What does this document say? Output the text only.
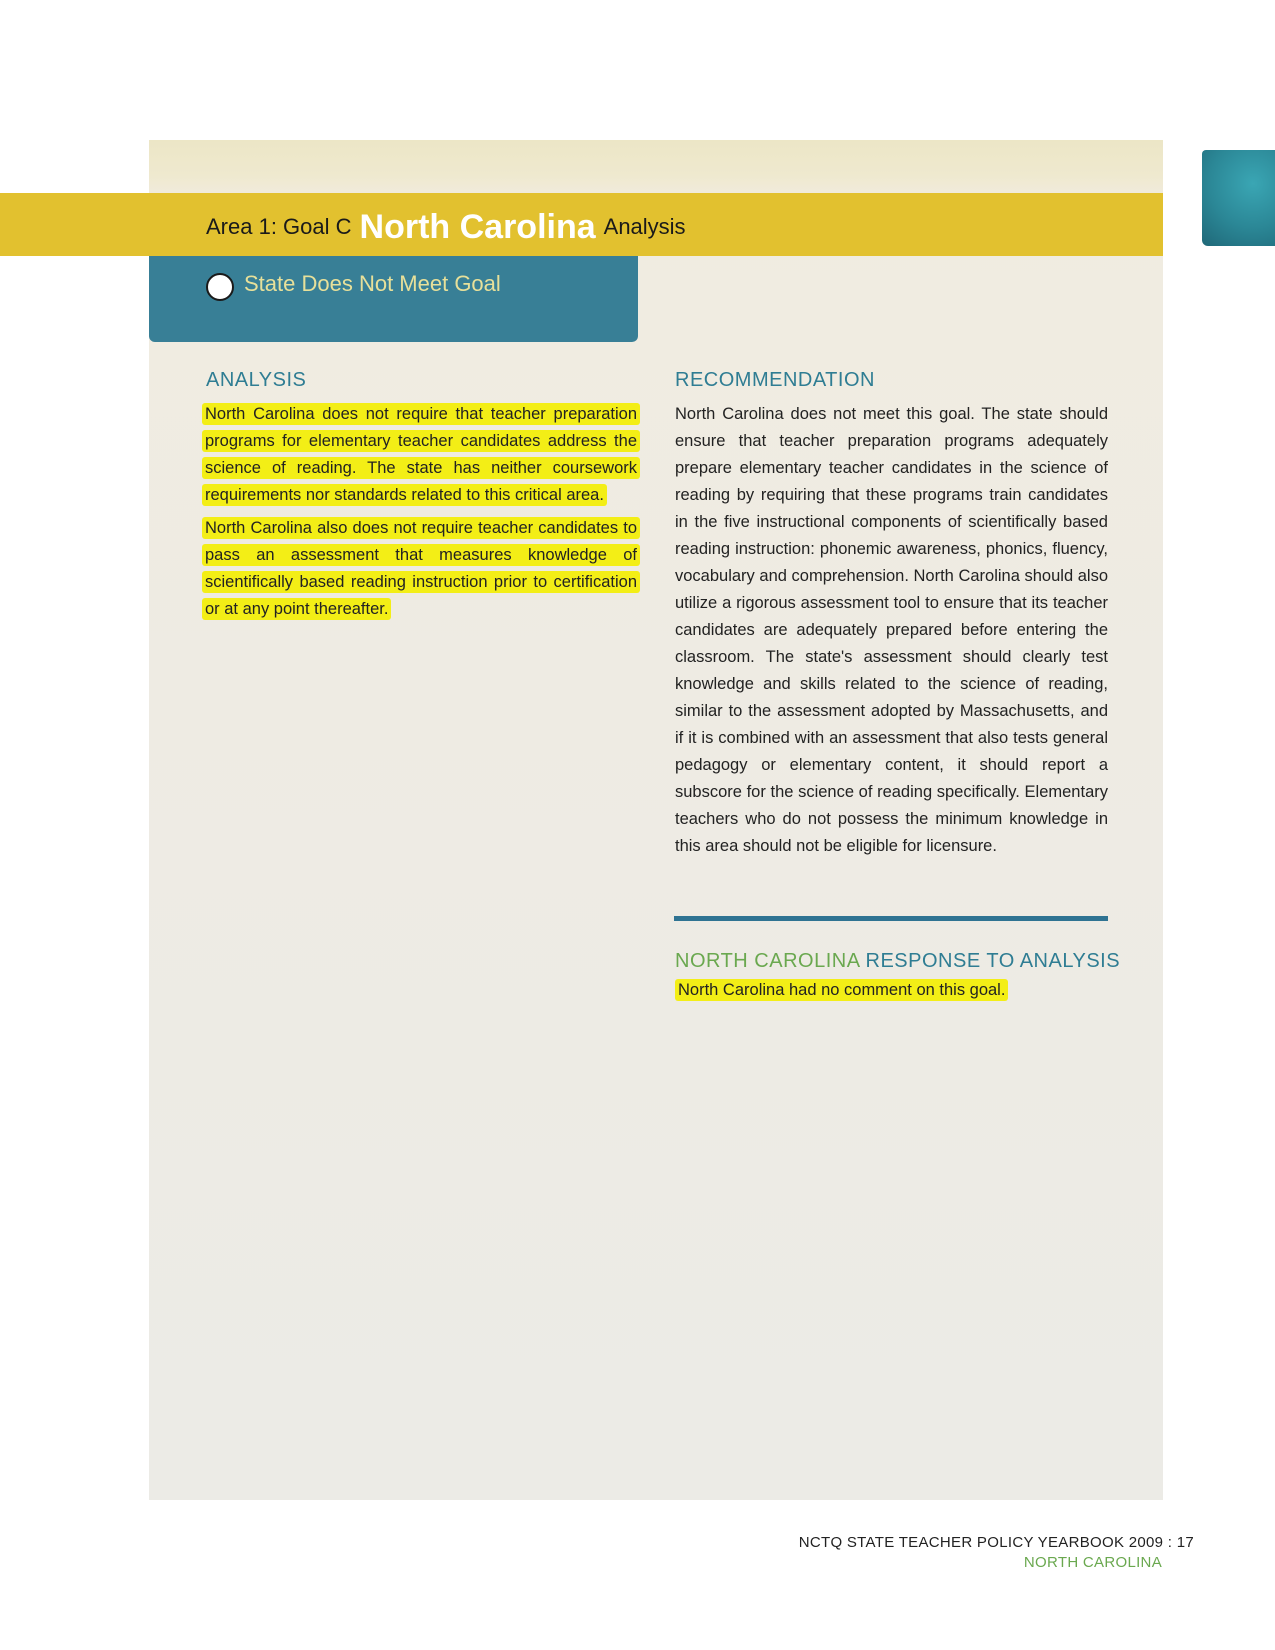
Area 1: Goal C North Carolina Analysis
State Does Not Meet Goal
ANALYSIS

North Carolina does not require that teacher preparation programs for elementary teacher candidates address the science of reading. The state has neither coursework requirements nor standards related to this critical area.

North Carolina also does not require teacher candidates to pass an assessment that measures knowledge of scientifically based reading instruction prior to certification or at any point thereafter.

RECOMMENDATION

North Carolina does not meet this goal. The state should ensure that teacher preparation programs adequately prepare elementary teacher candidates in the science of reading by requiring that these programs train candidates in the five instructional components of scientifically based reading instruction: phonemic awareness, phonics, fluency, vocabulary and comprehension. North Carolina should also utilize a rigorous assessment tool to ensure that its teacher candidates are adequately prepared before entering the classroom. The state's assessment should clearly test knowledge and skills related to the science of reading, similar to the assessment adopted by Massachusetts, and if it is combined with an assessment that also tests general pedagogy or elementary content, it should report a subscore for the science of reading specifically. Elementary teachers who do not possess the minimum knowledge in this area should not be eligible for licensure.

NORTH CAROLINA RESPONSE TO ANALYSIS
North Carolina had no comment on this goal.
NCTQ STATE TEACHER POLICY YEARBOOK 2009 : 17
NORTH CAROLINA
